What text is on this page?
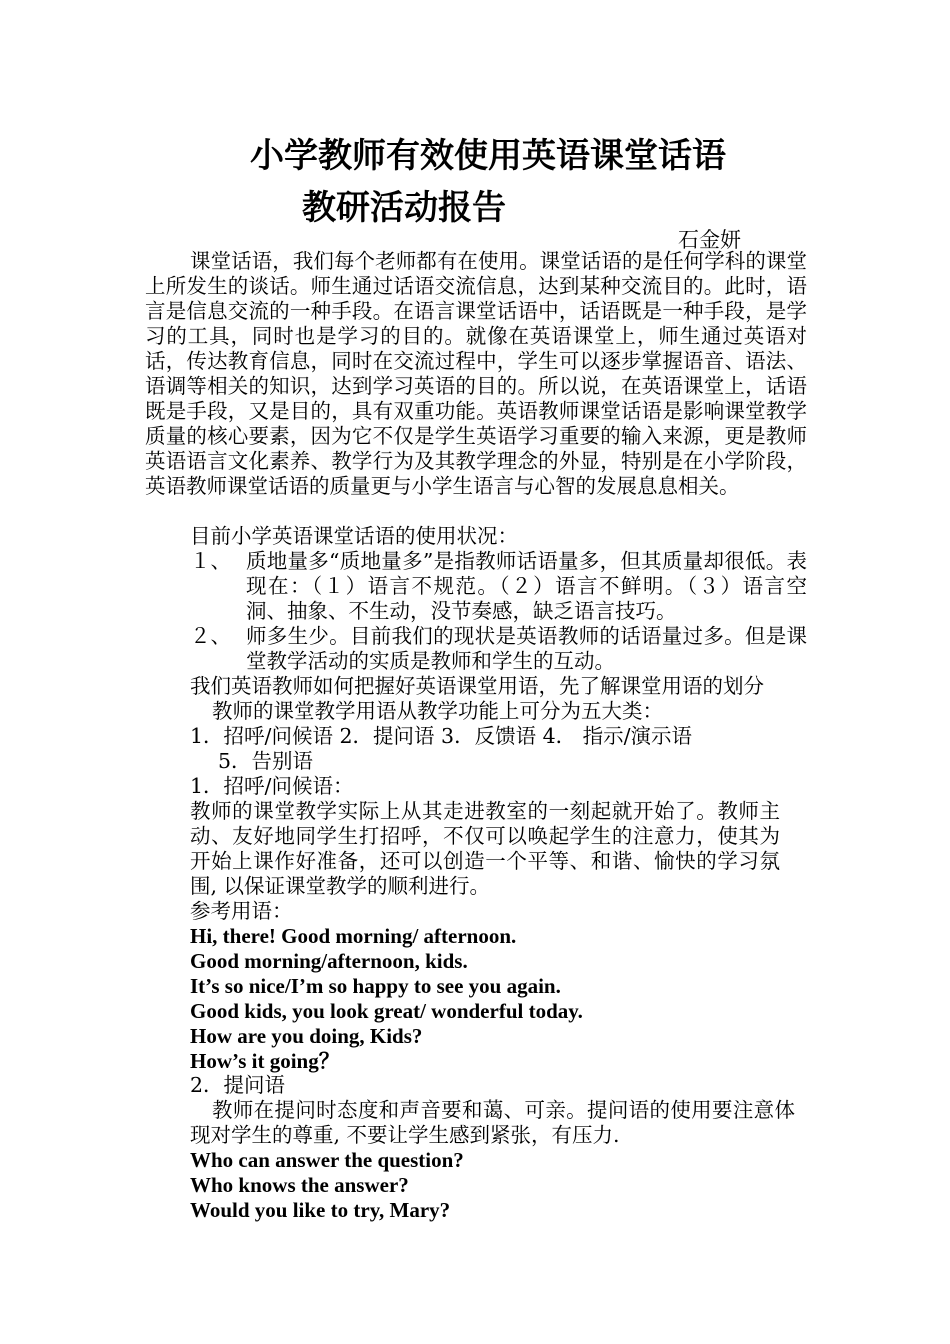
小学教师有效使用英语课堂话语
教研活动报告
石金妍

课堂话语，我们每个老师都有在使用。课堂话语的是任何学科的课堂上所发生的谈话。师生通过话语交流信息，达到某种交流目的。此时，语言是信息交流的一种手段。在语言课堂话语中，话语既是一种手段，是学习的工具，同时也是学习的目的。就像在英语课堂上，师生通过英语对话，传达教育信息，同时在交流过程中，学生可以逐步掌握语音、语法、语调等相关的知识，达到学习英语的目的。所以说，在英语课堂上，话语既是手段，又是目的，具有双重功能。英语教师课堂话语是影响课堂教学质量的核心要素，因为它不仅是学生英语学习重要的输入来源，更是教师英语语言文化素养、教学行为及其教学理念的外显，特别是在小学阶段，英语教师课堂话语的质量更与小学生语言与心智的发展息息相关。

目前小学英语课堂话语的使用状况：
１、 质地量多“质地量多”是指教师话语量多，但其质量却很低。表现在：（１）语言不规范。（２）语言不鲜明。（３）语言空洞、抽象、不生动，没节奏感，缺乏语言技巧。
２、 师多生少。目前我们的现状是英语教师的话语量过多。但是课堂教学活动的实质是教师和学生的互动。
我们英语教师如何把握好英语课堂用语，先了解课堂用语的划分
教师的课堂教学用语从教学功能上可分为五大类：
1．招呼/问候语 2．提问语 3．反馈语 4． 指示/演示语
5．告别语
1．招呼/问候语：
教师的课堂教学实际上从其走进教室的一刻起就开始了。教师主动、友好地同学生打招呼，不仅可以唤起学生的注意力，使其为开始上课作好准备，还可以创造一个平等、和谐、愉快的学习氛围, 以保证课堂教学的顺利进行。
参考用语：
Hi, there! Good morning/ afternoon.
Good morning/afternoon, kids.
It’s so nice/I’m so happy to see you again.
Good kids, you look great/ wonderful today.
How are you doing, Kids?
How’s it going？
2．提问语
教师在提问时态度和声音要和蔼、可亲。提问语的使用要注意体现对学生的尊重, 不要让学生感到紧张，有压力.
Who can answer the question?
Who knows the answer?
Would you like to try, Mary?
